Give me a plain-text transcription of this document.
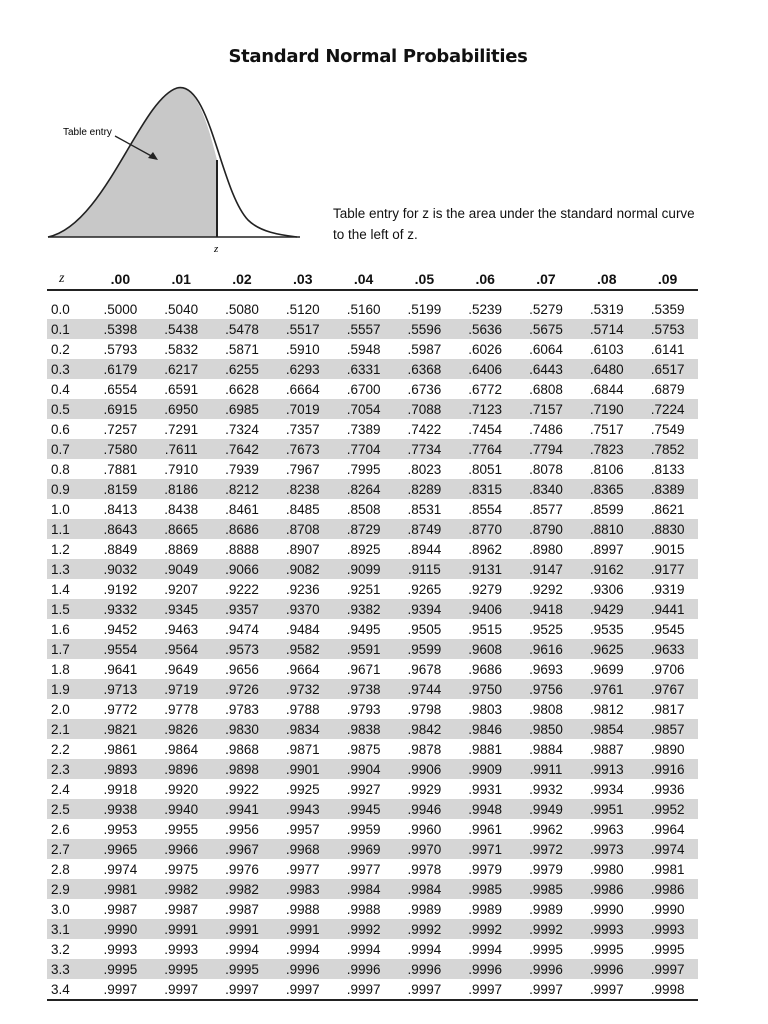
Standard Normal Probabilities
Table entry
z
Table entry for z is the area under the standard normal curve
to the left of z.
z	.00	.01	.02	.03	.04	.05	.06	.07	.08	.09

0.0	.5000	.5040	.5080	.5120	.5160	.5199	.5239	.5279	.5319	.5359
0.1	.5398	.5438	.5478	.5517	.5557	.5596	.5636	.5675	.5714	.5753
0.2	.5793	.5832	.5871	.5910	.5948	.5987	.6026	.6064	.6103	.6141
0.3	.6179	.6217	.6255	.6293	.6331	.6368	.6406	.6443	.6480	.6517
0.4	.6554	.6591	.6628	.6664	.6700	.6736	.6772	.6808	.6844	.6879
0.5	.6915	.6950	.6985	.7019	.7054	.7088	.7123	.7157	.7190	.7224
0.6	.7257	.7291	.7324	.7357	.7389	.7422	.7454	.7486	.7517	.7549
0.7	.7580	.7611	.7642	.7673	.7704	.7734	.7764	.7794	.7823	.7852
0.8	.7881	.7910	.7939	.7967	.7995	.8023	.8051	.8078	.8106	.8133
0.9	.8159	.8186	.8212	.8238	.8264	.8289	.8315	.8340	.8365	.8389
1.0	.8413	.8438	.8461	.8485	.8508	.8531	.8554	.8577	.8599	.8621
1.1	.8643	.8665	.8686	.8708	.8729	.8749	.8770	.8790	.8810	.8830
1.2	.8849	.8869	.8888	.8907	.8925	.8944	.8962	.8980	.8997	.9015
1.3	.9032	.9049	.9066	.9082	.9099	.9115	.9131	.9147	.9162	.9177
1.4	.9192	.9207	.9222	.9236	.9251	.9265	.9279	.9292	.9306	.9319
1.5	.9332	.9345	.9357	.9370	.9382	.9394	.9406	.9418	.9429	.9441
1.6	.9452	.9463	.9474	.9484	.9495	.9505	.9515	.9525	.9535	.9545
1.7	.9554	.9564	.9573	.9582	.9591	.9599	.9608	.9616	.9625	.9633
1.8	.9641	.9649	.9656	.9664	.9671	.9678	.9686	.9693	.9699	.9706
1.9	.9713	.9719	.9726	.9732	.9738	.9744	.9750	.9756	.9761	.9767
2.0	.9772	.9778	.9783	.9788	.9793	.9798	.9803	.9808	.9812	.9817
2.1	.9821	.9826	.9830	.9834	.9838	.9842	.9846	.9850	.9854	.9857
2.2	.9861	.9864	.9868	.9871	.9875	.9878	.9881	.9884	.9887	.9890
2.3	.9893	.9896	.9898	.9901	.9904	.9906	.9909	.9911	.9913	.9916
2.4	.9918	.9920	.9922	.9925	.9927	.9929	.9931	.9932	.9934	.9936
2.5	.9938	.9940	.9941	.9943	.9945	.9946	.9948	.9949	.9951	.9952
2.6	.9953	.9955	.9956	.9957	.9959	.9960	.9961	.9962	.9963	.9964
2.7	.9965	.9966	.9967	.9968	.9969	.9970	.9971	.9972	.9973	.9974
2.8	.9974	.9975	.9976	.9977	.9977	.9978	.9979	.9979	.9980	.9981
2.9	.9981	.9982	.9982	.9983	.9984	.9984	.9985	.9985	.9986	.9986
3.0	.9987	.9987	.9987	.9988	.9988	.9989	.9989	.9989	.9990	.9990
3.1	.9990	.9991	.9991	.9991	.9992	.9992	.9992	.9992	.9993	.9993
3.2	.9993	.9993	.9994	.9994	.9994	.9994	.9994	.9995	.9995	.9995
3.3	.9995	.9995	.9995	.9996	.9996	.9996	.9996	.9996	.9996	.9997
3.4	.9997	.9997	.9997	.9997	.9997	.9997	.9997	.9997	.9997	.9998
